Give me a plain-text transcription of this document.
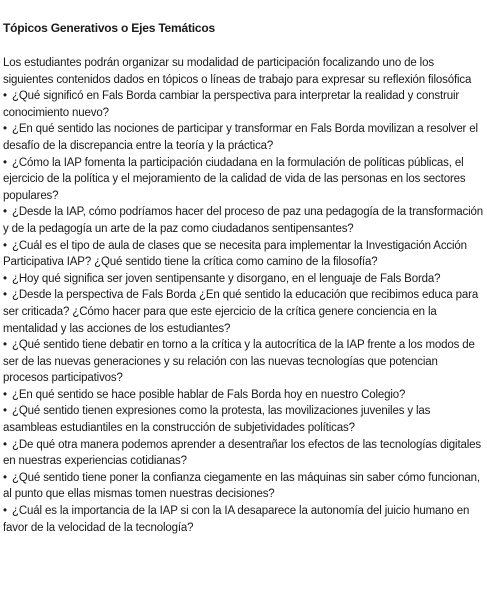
Tópicos Generativos o Ejes Temáticos

Los estudiantes podrán organizar su modalidad de participación focalizando uno de los siguientes contenidos dados en tópicos o líneas de trabajo para expresar su reflexión filosófica

• ¿Qué significó en Fals Borda cambiar la perspectiva para interpretar la realidad y construir conocimiento nuevo?
• ¿En qué sentido las nociones de participar y transformar en Fals Borda movilizan a resolver el desafío de la discrepancia entre la teoría y la práctica?
• ¿Cómo la IAP fomenta la participación ciudadana en la formulación de políticas públicas, el ejercicio de la política y el mejoramiento de la calidad de vida de las personas en los sectores populares?
• ¿Desde la IAP, cómo podríamos hacer del proceso de paz una pedagogía de la transformación y de la pedagogía un arte de la paz como ciudadanos sentipensantes?
• ¿Cuál es el tipo de aula de clases que se necesita para implementar la Investigación Acción Participativa IAP? ¿Qué sentido tiene la crítica como camino de la filosofía?
• ¿Hoy qué significa ser joven sentipensante y disorgano, en el lenguaje de Fals Borda?
• ¿Desde la perspectiva de Fals Borda ¿En qué sentido la educación que recibimos educa para ser criticada? ¿Cómo hacer para que este ejercicio de la crítica genere conciencia en la mentalidad y las acciones de los estudiantes?
• ¿Qué sentido tiene debatir en torno a la crítica y la autocrítica de la IAP frente a los modos de ser de las nuevas generaciones y su relación con las nuevas tecnologías que potencian procesos participativos?
• ¿En qué sentido se hace posible hablar de Fals Borda hoy en nuestro Colegio?
• ¿Qué sentido tienen expresiones como la protesta, las movilizaciones juveniles y las asambleas estudiantiles en la construcción de subjetividades políticas?
• ¿De qué otra manera podemos aprender a desentrañar los efectos de las tecnologías digitales en nuestras experiencias cotidianas?
• ¿Qué sentido tiene poner la confianza ciegamente en las máquinas sin saber cómo funcionan, al punto que ellas mismas tomen nuestras decisiones?
• ¿Cuál es la importancia de la IAP si con la IA desaparece la autonomía del juicio humano en favor de la velocidad de la tecnología?
